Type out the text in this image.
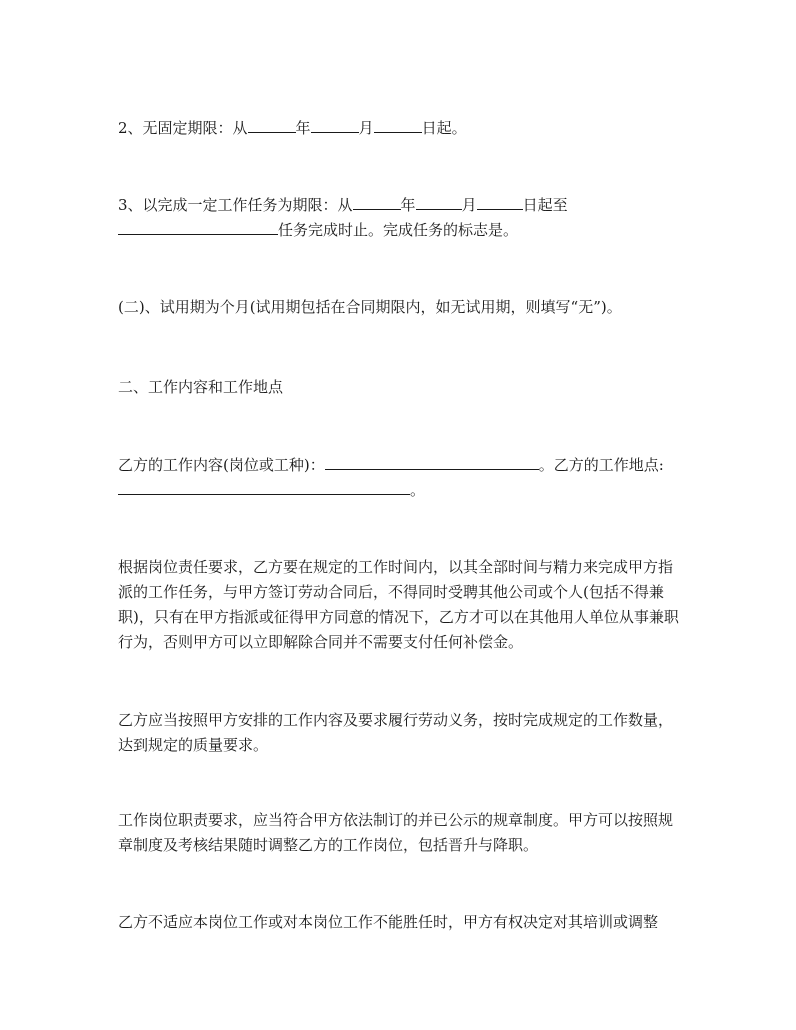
2、无固定期限：从	年	月	日起。

3、以完成一定工作任务为期限：从	年	月	日起至
任务完成时止。完成任务的标志是。

(二)、试用期为个月(试用期包括在合同期限内，如无试用期，则填写“无”)。

二、工作内容和工作地点

乙方的工作内容(岗位或工种)：	。乙方的工作地点:。

根据岗位责任要求，乙方要在规定的工作时间内，以其全部时间与精力来完成甲方指派的工作任务，与甲方签订劳动合同后，不得同时受聘其他公司或个人(包括不得兼职)，只有在甲方指派或征得甲方同意的情况下，乙方才可以在其他用人单位从事兼职行为，否则甲方可以立即解除合同并不需要支付任何补偿金。

乙方应当按照甲方安排的工作内容及要求履行劳动义务，按时完成规定的工作数量，达到规定的质量要求。

工作岗位职责要求，应当符合甲方依法制订的并已公示的规章制度。甲方可以按照规章制度及考核结果随时调整乙方的工作岗位，包括晋升与降职。

乙方不适应本岗位工作或对本岗位工作不能胜任时，甲方有权决定对其培训或调整
